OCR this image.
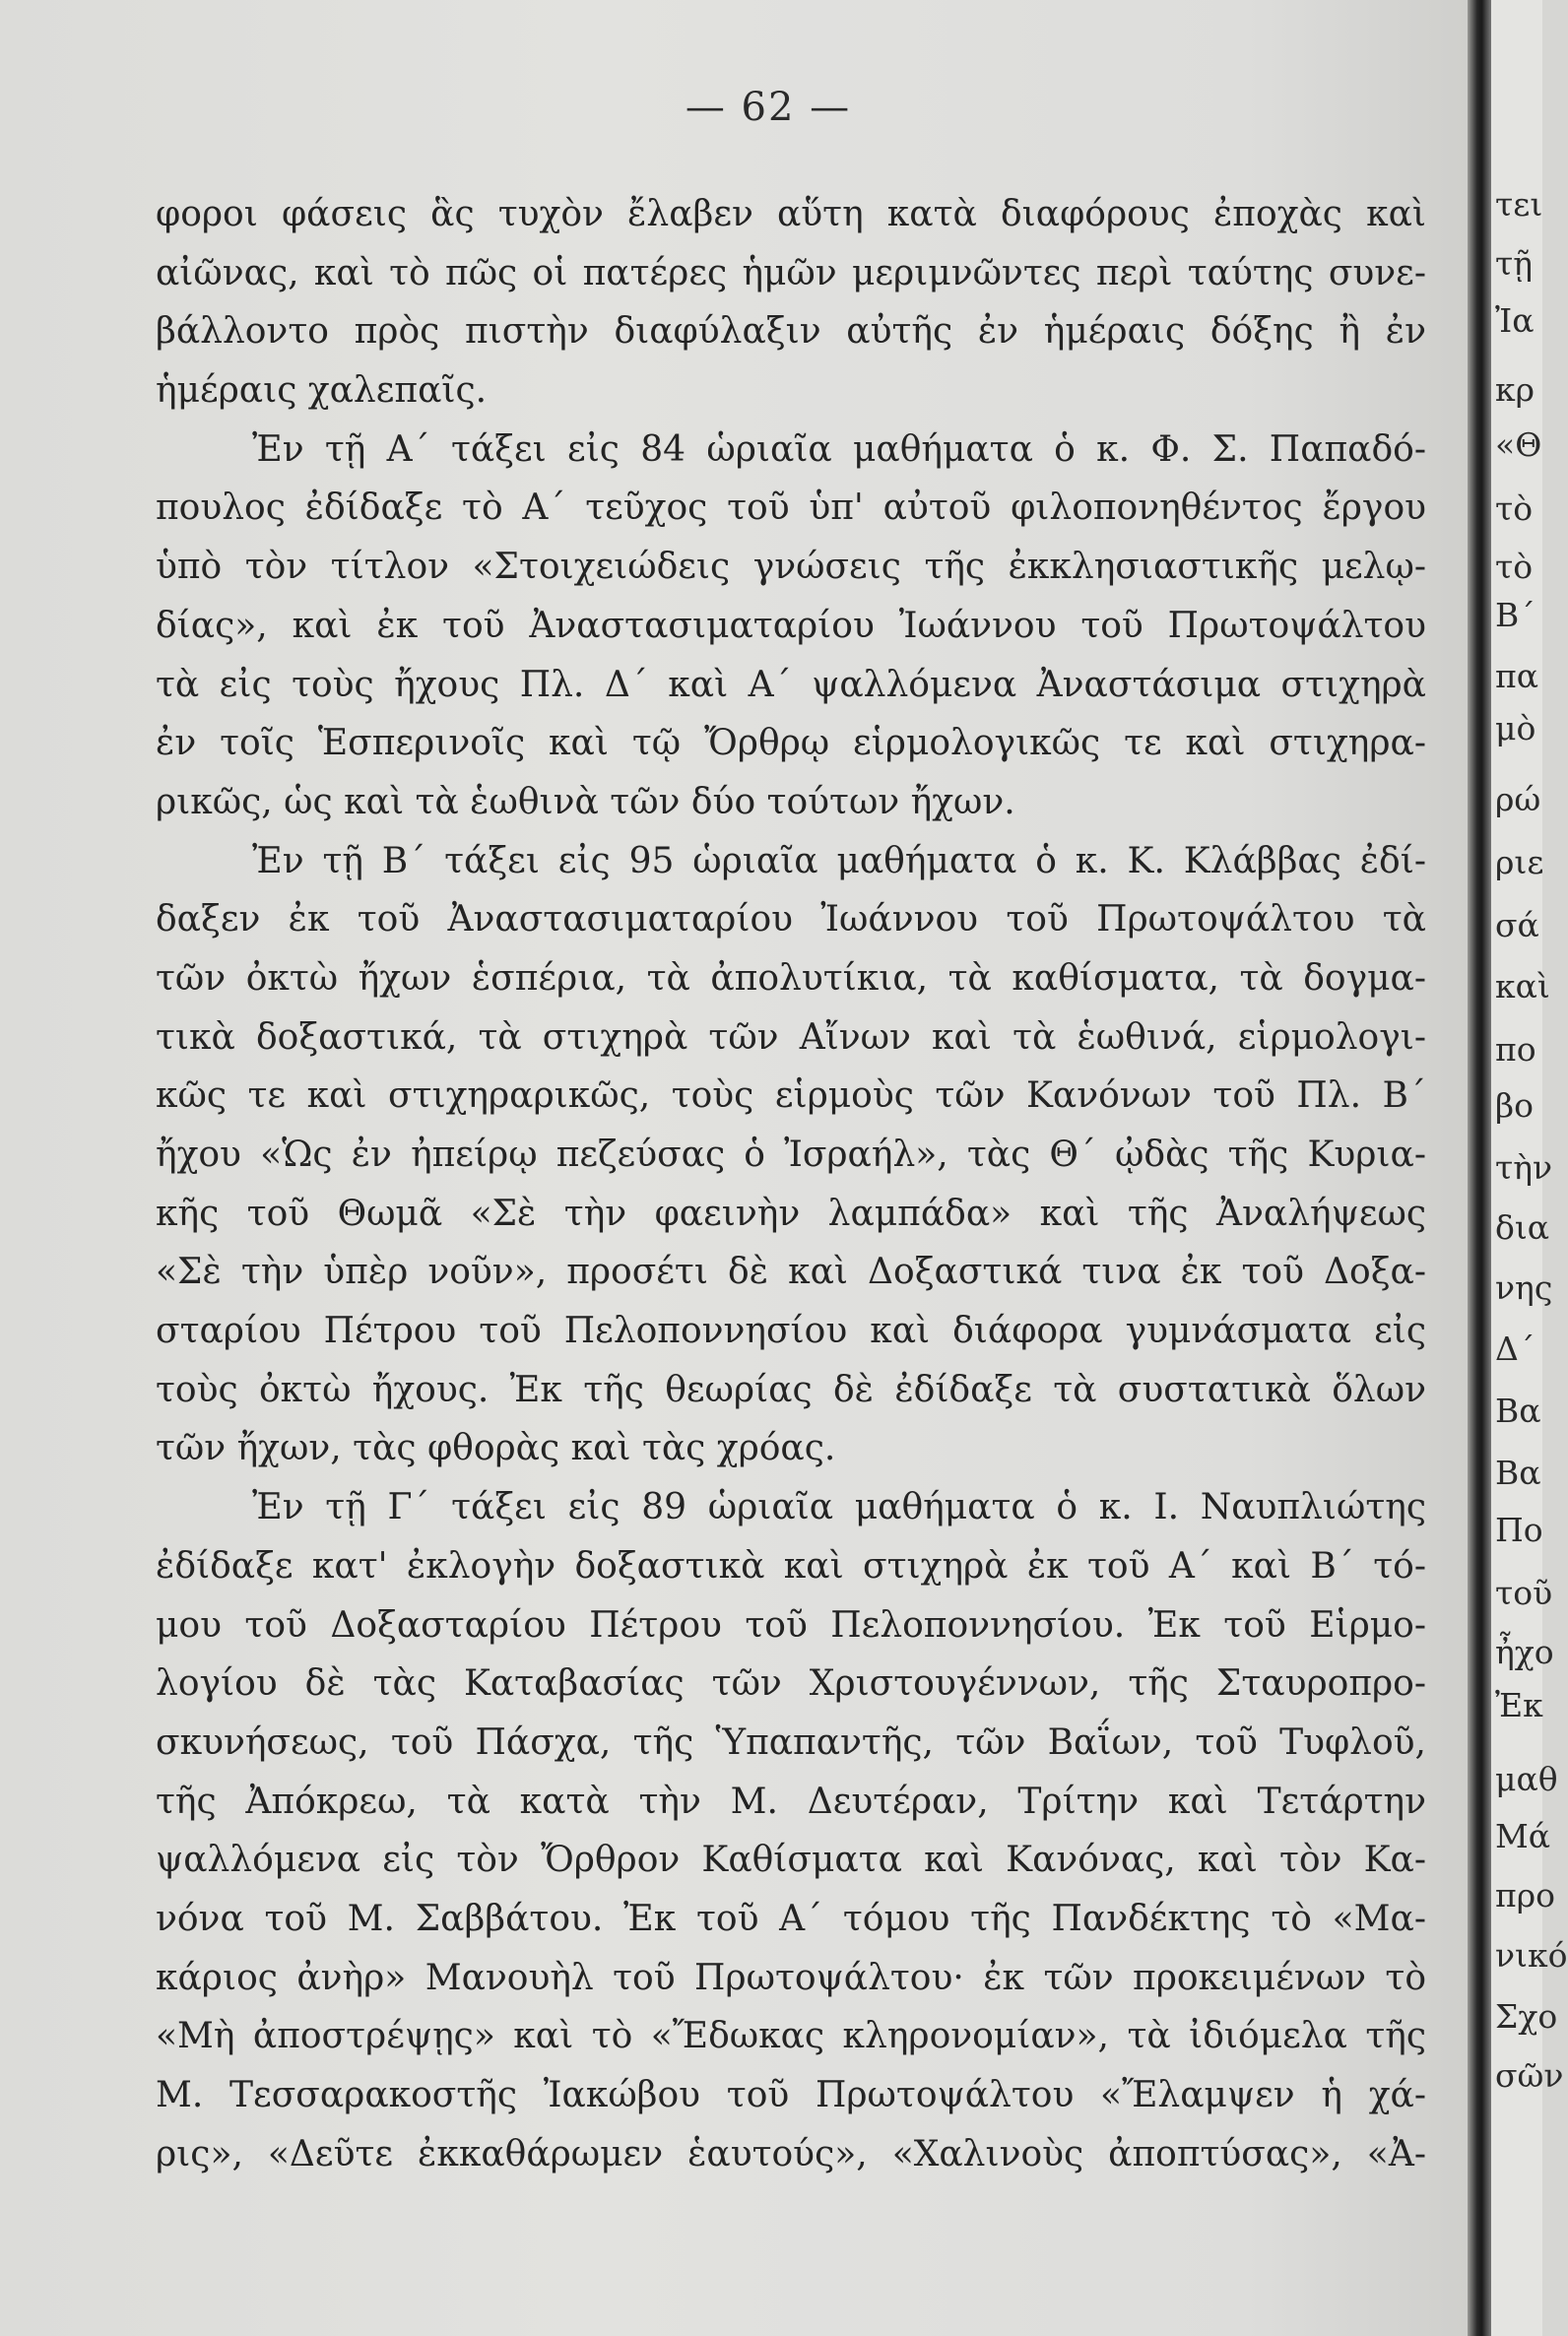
— 62 —
φοροι φάσεις ἃς τυχὸν ἔλαβεν αὕτη κατὰ διαφόρους ἐποχὰς καὶ
αἰῶνας, καὶ τὸ πῶς οἱ πατέρες ἡμῶν μεριμνῶντες περὶ ταύτης συνε-
βάλλοντο πρὸς πιστὴν διαφύλαξιν αὐτῆς ἐν ἡμέραις δόξης ἢ ἐν
ἡμέραις χαλεπαῖς.
Ἐν τῇ Α΄ τάξει εἰς 84 ὡριαῖα μαθήματα ὁ κ. Φ. Σ. Παπαδό-
πουλος ἐδίδαξε τὸ Α΄ τεῦχος τοῦ ὑπ' αὐτοῦ φιλοπονηθέντος ἔργου
ὑπὸ τὸν τίτλον «Στοιχειώδεις γνώσεις τῆς ἐκκλησιαστικῆς μελῳ-
δίας», καὶ ἐκ τοῦ Ἀναστασιματαρίου Ἰωάννου τοῦ Πρωτοψάλτου
τὰ εἰς τοὺς ἤχους Πλ. Δ΄ καὶ Α΄ ψαλλόμενα Ἀναστάσιμα στιχηρὰ
ἐν τοῖς Ἑσπερινοῖς καὶ τῷ Ὄρθρῳ εἱρμολογικῶς τε καὶ στιχηρα-
ρικῶς, ὡς καὶ τὰ ἑωθινὰ τῶν δύο τούτων ἤχων.
Ἐν τῇ Β΄ τάξει εἰς 95 ὡριαῖα μαθήματα ὁ κ. Κ. Κλάββας ἐδί-
δαξεν ἐκ τοῦ Ἀναστασιματαρίου Ἰωάννου τοῦ Πρωτοψάλτου τὰ
τῶν ὀκτὼ ἤχων ἑσπέρια, τὰ ἀπολυτίκια, τὰ καθίσματα, τὰ δογμα-
τικὰ δοξαστικά, τὰ στιχηρὰ τῶν Αἴνων καὶ τὰ ἑωθινά, εἱρμολογι-
κῶς τε καὶ στιχηραρικῶς, τοὺς εἱρμοὺς τῶν Κανόνων τοῦ Πλ. Β΄
ἤχου «Ὡς ἐν ἠπείρῳ πεζεύσας ὁ Ἰσραήλ», τὰς Θ΄ ᾠδὰς τῆς Κυρια-
κῆς τοῦ Θωμᾶ «Σὲ τὴν φαεινὴν λαμπάδα» καὶ τῆς Ἀναλήψεως
«Σὲ τὴν ὑπὲρ νοῦν», προσέτι δὲ καὶ Δοξαστικά τινα ἐκ τοῦ Δοξα-
σταρίου Πέτρου τοῦ Πελοποννησίου καὶ διάφορα γυμνάσματα εἰς
τοὺς ὀκτὼ ἤχους. Ἐκ τῆς θεωρίας δὲ ἐδίδαξε τὰ συστατικὰ ὅλων
τῶν ἤχων, τὰς φθορὰς καὶ τὰς χρόας.
Ἐν τῇ Γ΄ τάξει εἰς 89 ὡριαῖα μαθήματα ὁ κ. Ι. Ναυπλιώτης
ἐδίδαξε κατ' ἐκλογὴν δοξαστικὰ καὶ στιχηρὰ ἐκ τοῦ Α΄ καὶ Β΄ τό-
μου τοῦ Δοξασταρίου Πέτρου τοῦ Πελοποννησίου. Ἐκ τοῦ Εἱρμο-
λογίου δὲ τὰς Καταβασίας τῶν Χριστουγέννων, τῆς Σταυροπρο-
σκυνήσεως, τοῦ Πάσχα, τῆς Ὑπαπαντῆς, τῶν Βαΐων, τοῦ Τυφλοῦ,
τῆς Ἀπόκρεω, τὰ κατὰ τὴν Μ. Δευτέραν, Τρίτην καὶ Τετάρτην
ψαλλόμενα εἰς τὸν Ὄρθρον Καθίσματα καὶ Κανόνας, καὶ τὸν Κα-
νόνα τοῦ Μ. Σαββάτου. Ἐκ τοῦ Α΄ τόμου τῆς Πανδέκτης τὸ «Μα-
κάριος ἀνὴρ» Μανουὴλ τοῦ Πρωτοψάλτου· ἐκ τῶν προκειμένων τὸ
«Μὴ ἀποστρέψῃς» καὶ τὸ «Ἔδωκας κληρονομίαν», τὰ ἰδιόμελα τῆς
Μ. Τεσσαρακοστῆς Ἰακώβου τοῦ Πρωτοψάλτου «Ἔλαμψεν ἡ χά-
ρις», «Δεῦτε ἐκκαθάρωμεν ἑαυτούς», «Χαλινοὺς ἀποπτύσας», «Ἀ-
τει
τῇ
Ἰα
κρ
«Θ
τὸ
τὸ
Β΄
πα
μὸ
ρώ
ριε
σά
καὶ
πο
βο
τὴν
δια
νης
Δ΄
Βα
Βα
Πο
τοῦ
ἦχο
Ἐκ
μαθ
Μά
προ
νικό
Σχο
σῶν
